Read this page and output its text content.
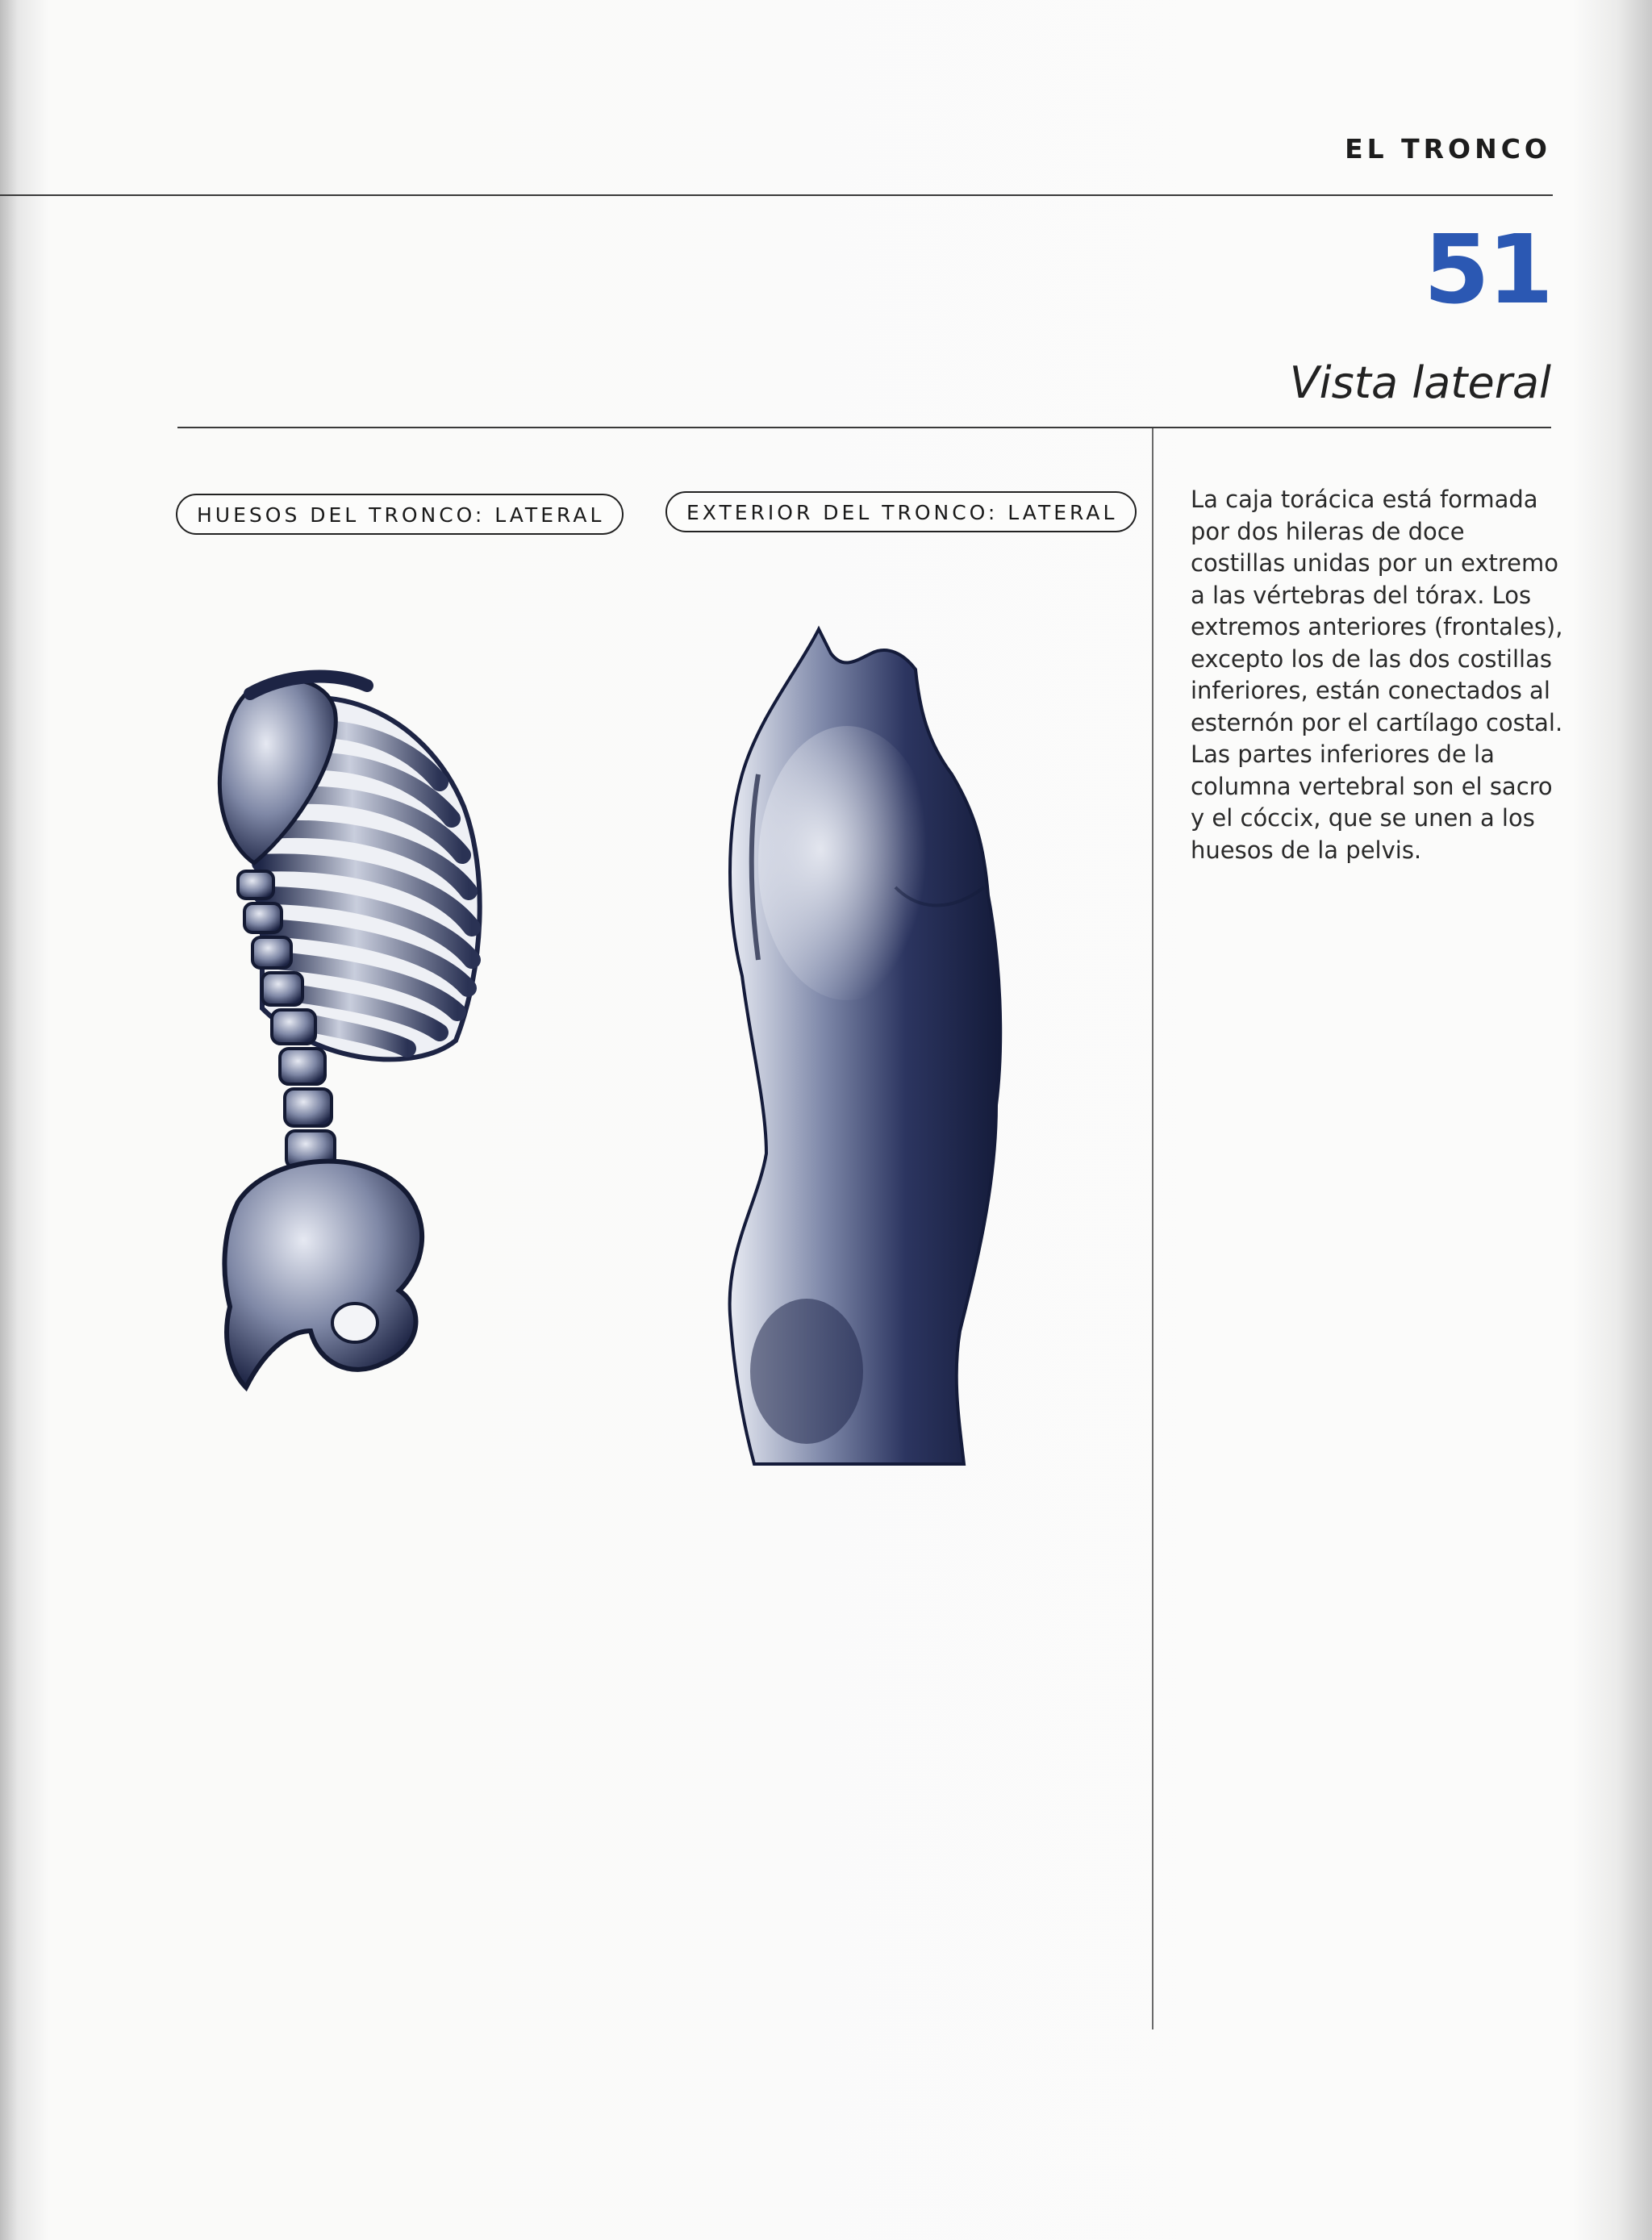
EL TRONCO
51
Vista lateral
HUESOS DEL TRONCO: LATERAL	EXTERIOR DEL TRONCO: LATERAL	La caja torácica está formada por dos hileras de doce costillas unidas por un extremo a las vértebras del tórax. Los extremos anteriores (frontales), excepto los de las dos costillas inferiores, están conectados al esternón por el cartílago costal. Las partes inferiores de la columna vertebral son el sacro y el cóccix, que se unen a los huesos de la pelvis.
